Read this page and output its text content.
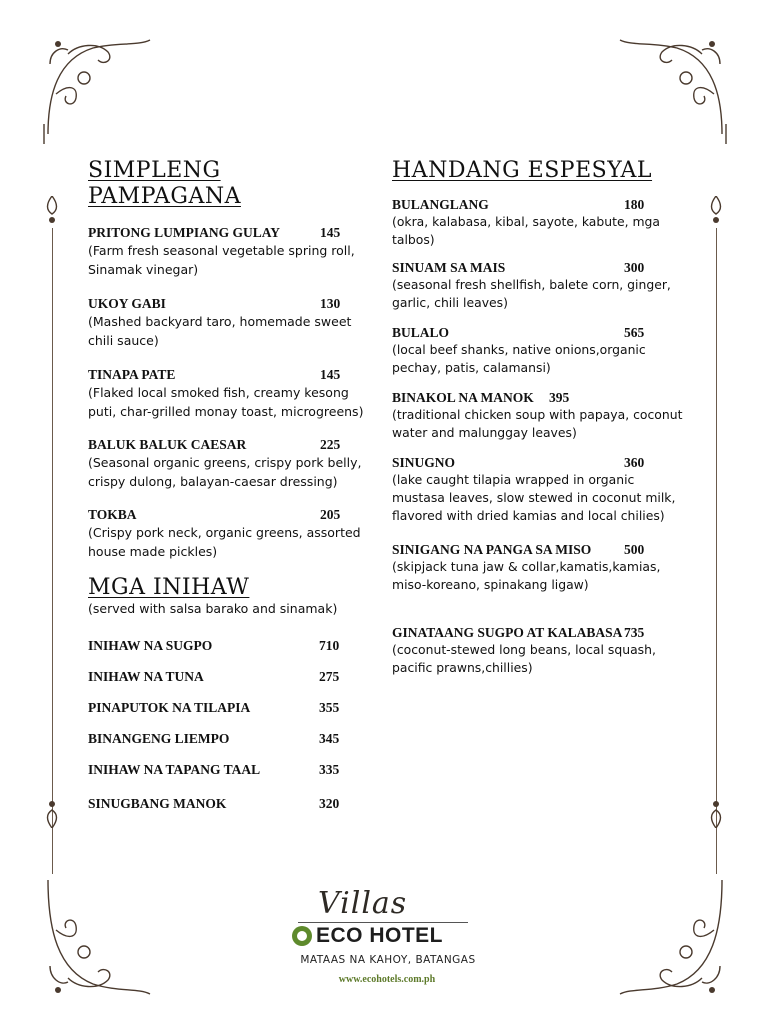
SIMPLENG PAMPAGANA
PRITONG LUMPIANG GULAY	145
(Farm fresh seasonal vegetable spring roll, Sinamak vinegar)
UKOY GABI	130
(Mashed backyard taro, homemade sweet chili sauce)
TINAPA PATE	145
(Flaked local smoked fish, creamy kesong puti, char-grilled monay toast, microgreens)
BALUK BALUK CAESAR	225
(Seasonal organic greens, crispy pork belly, crispy dulong, balayan-caesar dressing)
TOKBA	205
(Crispy pork neck, organic greens, assorted house made pickles)
MGA INIHAW
(served with salsa barako and sinamak)
INIHAW NA SUGPO	710
INIHAW NA TUNA	275
PINAPUTOK NA TILAPIA	355
BINANGENG LIEMPO	345
INIHAW NA TAPANG TAAL	335
SINUGBANG MANOK	320
HANDANG ESPESYAL
BULANGLANG	180
(okra, kalabasa, kibal, sayote, kabute, mga talbos)
SINUAM SA MAIS	300
(seasonal fresh shellfish, balete corn, ginger, garlic, chili leaves)
BULALO	565
(local beef shanks, native onions,organic pechay, patis, calamansi)
BINAKOL NA MANOK 395
(traditional chicken soup with papaya, coconut water and malunggay leaves)
SINUGNO	360
(lake caught tilapia wrapped in organic mustasa leaves, slow stewed in coconut milk, flavored with dried kamias and local chilies)
SINIGANG NA PANGA SA MISO 500
(skipjack tuna jaw & collar,kamatis,kamias, miso-koreano, spinakang ligaw)
GINATAANG SUGPO AT KALABASA 735
(coconut-stewed long beans, local squash, pacific prawns,chillies)
Villas
ECO HOTEL
MATAAS NA KAHOY, BATANGAS
www.ecohotels.com.ph
